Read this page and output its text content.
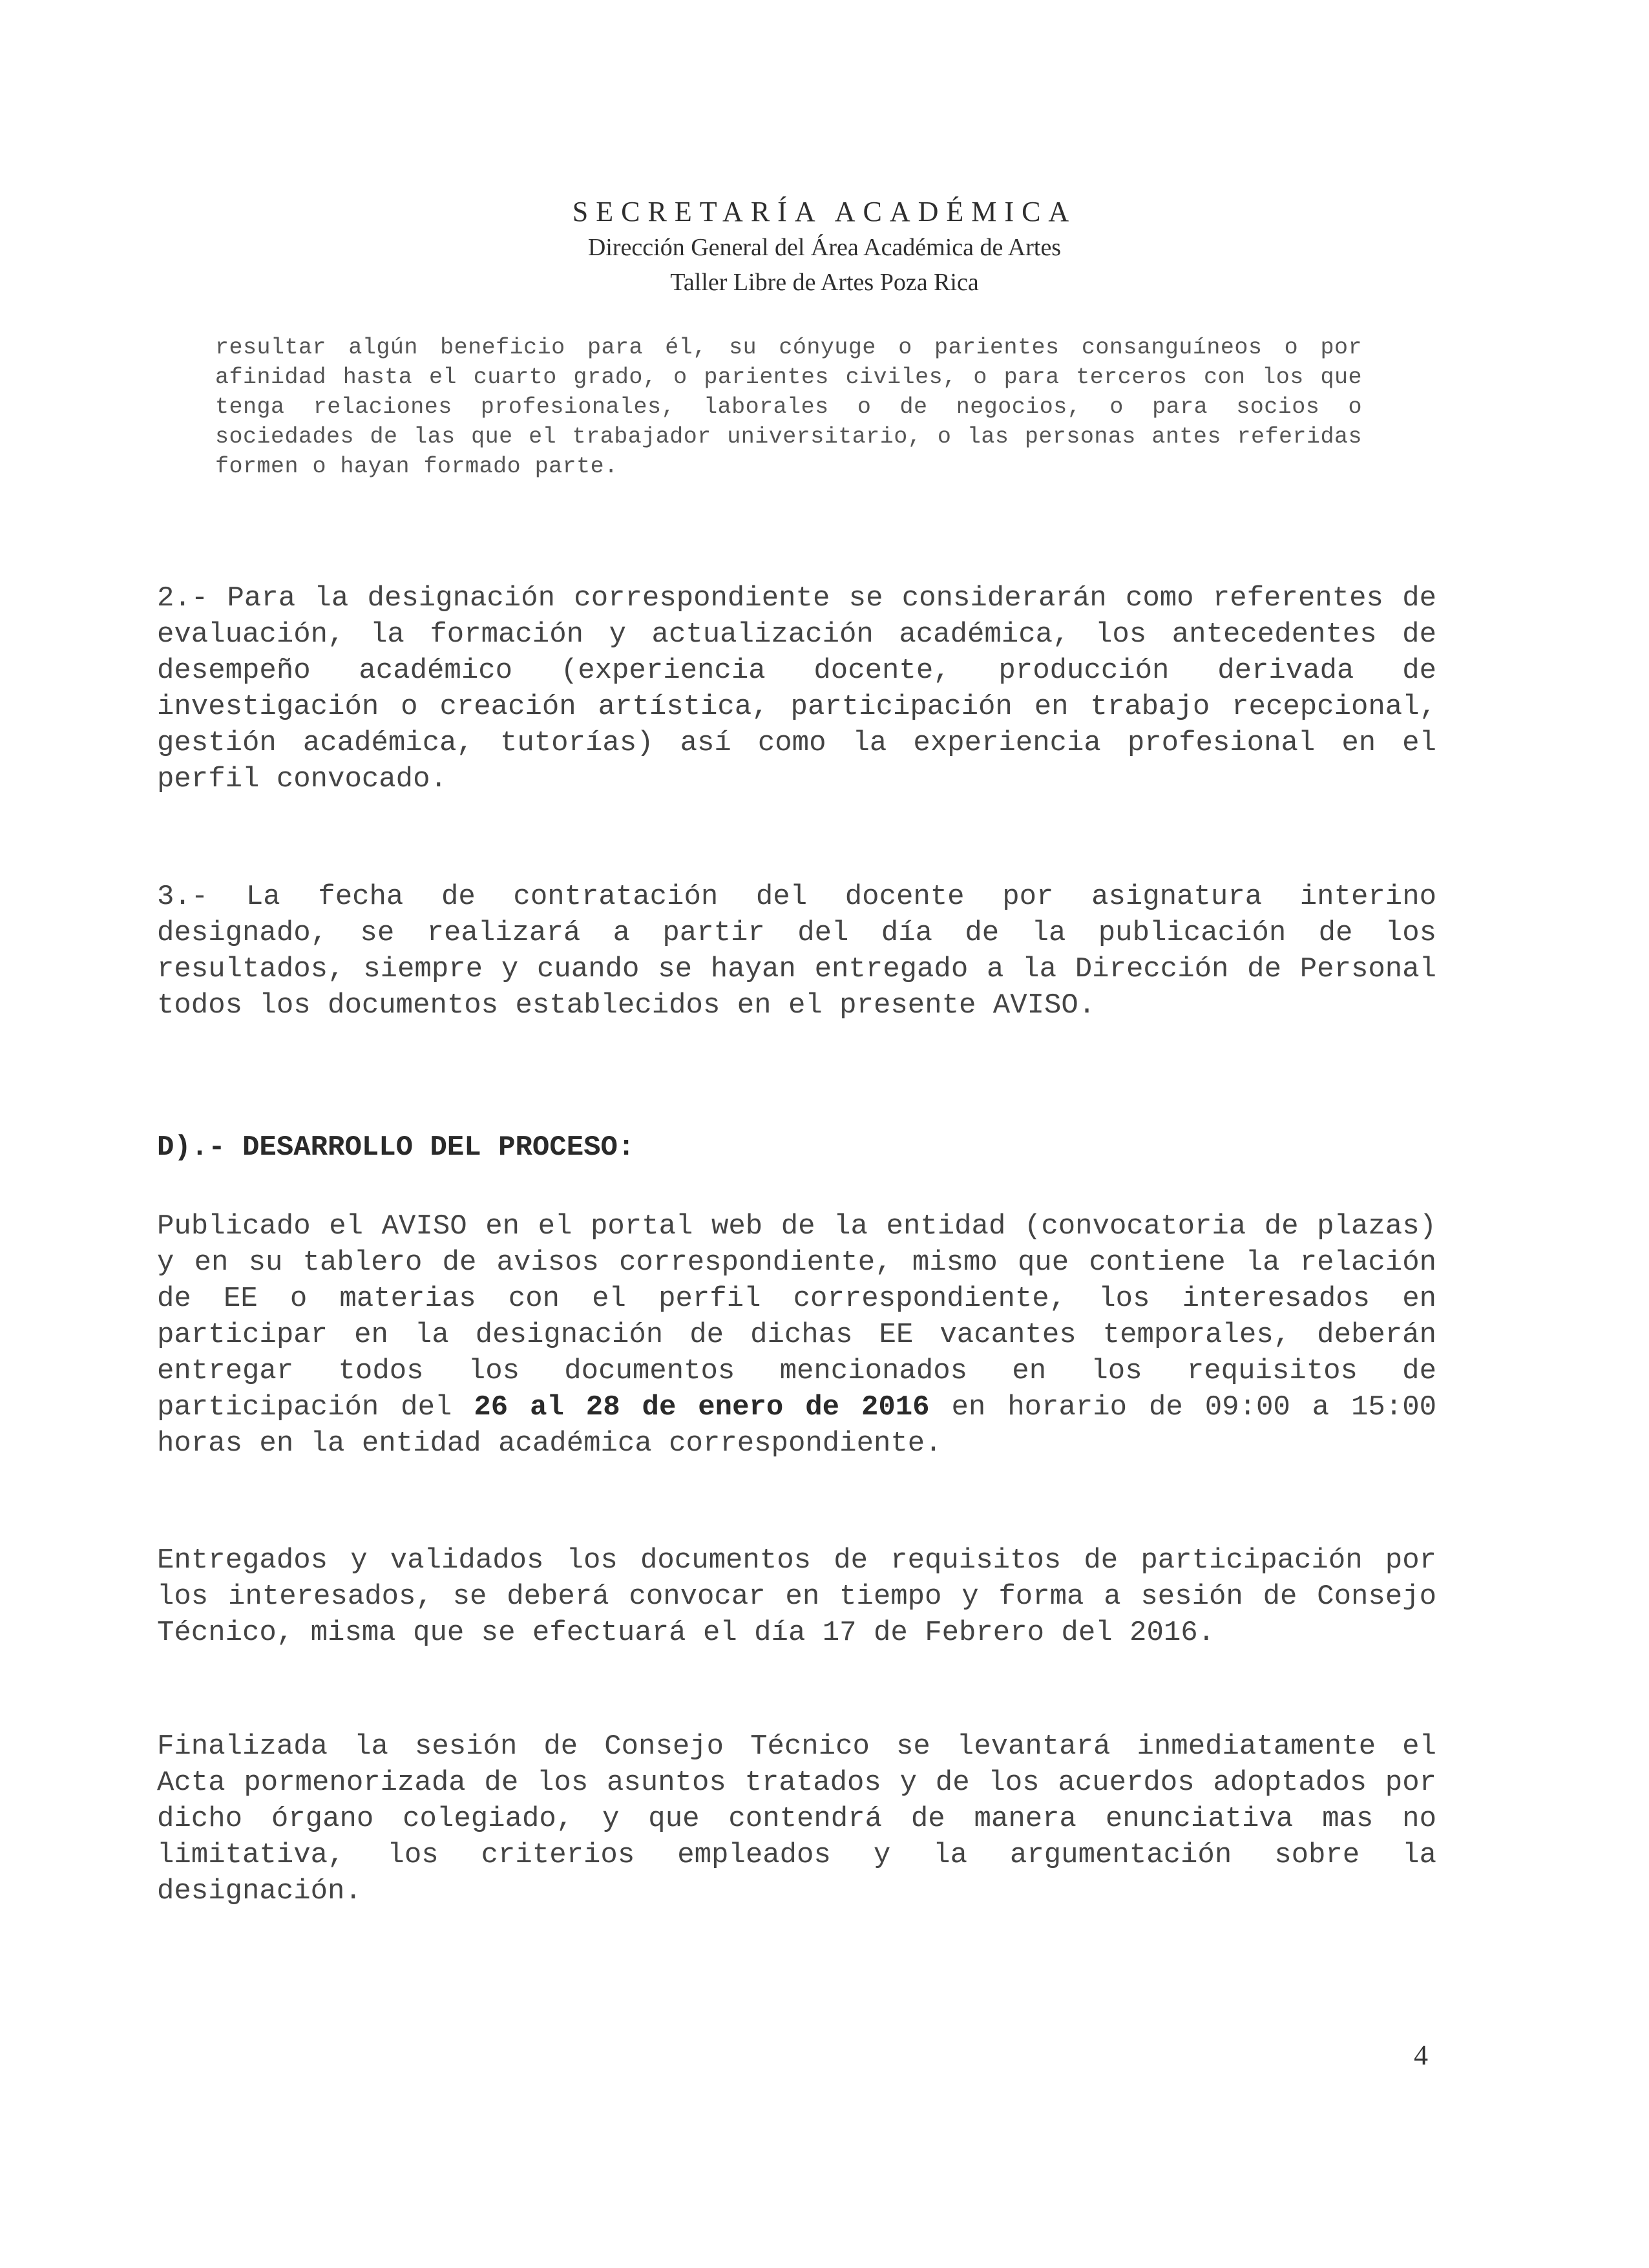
SECRETARÍA ACADÉMICA
Dirección General del Área Académica de Artes
Taller Libre de Artes Poza Rica

resultar algún beneficio para él, su cónyuge o parientes consanguíneos o por afinidad hasta el cuarto grado, o parientes civiles, o para terceros con los que tenga relaciones profesionales, laborales o de negocios, o para socios o sociedades de las que el trabajador universitario, o las personas antes referidas formen o hayan formado parte.

2.- Para la designación correspondiente se considerarán como referentes de evaluación, la formación y actualización académica, los antecedentes de desempeño académico (experiencia docente, producción derivada de investigación o creación artística, participación en trabajo recepcional, gestión académica, tutorías) así como la experiencia profesional en el perfil convocado.

3.- La fecha de contratación del docente por asignatura interino designado, se realizará a partir del día de la publicación de los resultados, siempre y cuando se hayan entregado a la Dirección de Personal todos los documentos establecidos en el presente AVISO.

D).- DESARROLLO DEL PROCESO:

Publicado el AVISO en el portal web de la entidad (convocatoria de plazas) y en su tablero de avisos correspondiente, mismo que contiene la relación de EE o materias con el perfil correspondiente, los interesados en participar en la designación de dichas EE vacantes temporales, deberán entregar todos los documentos mencionados en los requisitos de participación del 26 al 28 de enero de 2016 en horario de 09:00 a 15:00 horas en la entidad académica correspondiente.

Entregados y validados los documentos de requisitos de participación por los interesados, se deberá convocar en tiempo y forma a sesión de Consejo Técnico, misma que se efectuará el día 17 de Febrero del 2016.

Finalizada la sesión de Consejo Técnico se levantará inmediatamente el Acta pormenorizada de los asuntos tratados y de los acuerdos adoptados por dicho órgano colegiado, y que contendrá de manera enunciativa mas no limitativa, los criterios empleados y la argumentación sobre la designación.

4
